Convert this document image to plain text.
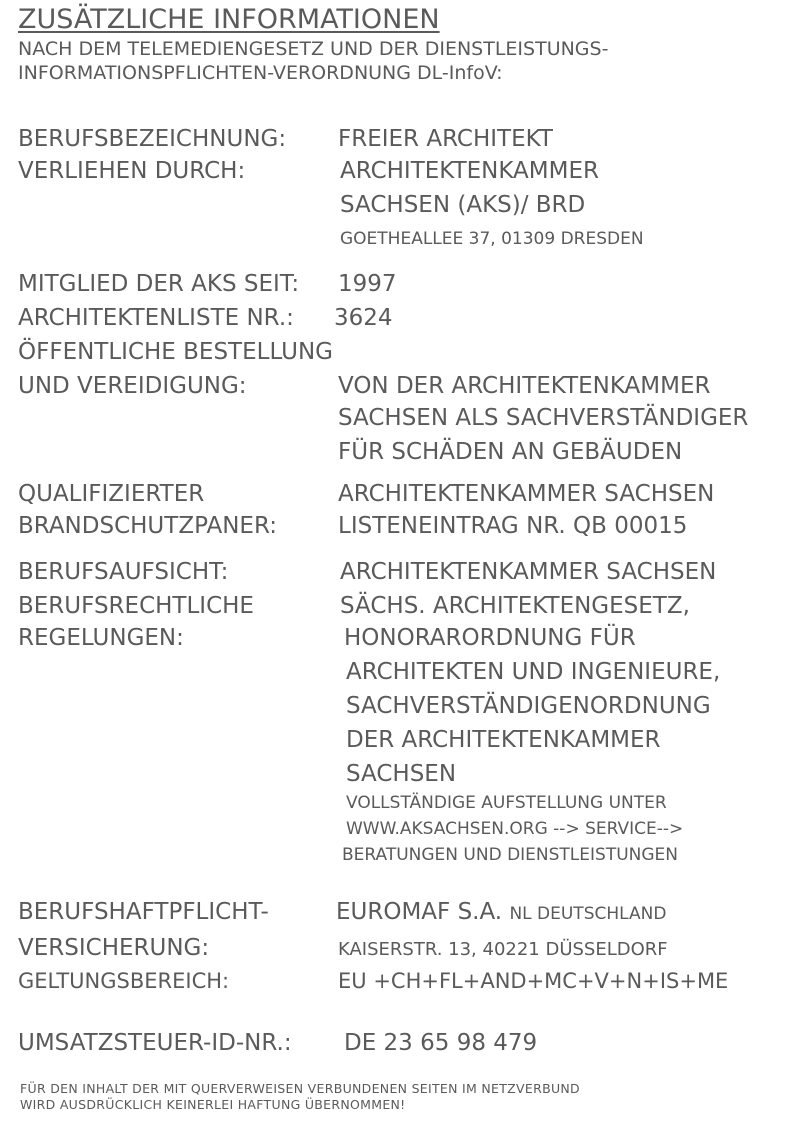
ZUSÄTZLICHE INFORMATIONEN
NACH DEM TELEMEDIENGESETZ UND DER DIENSTLEISTUNGS-
INFORMATIONSPFLICHTEN-VERORDNUNG DL-InfoV:
BERUFSBEZEICHNUNG: FREIER ARCHITEKT
VERLIEHEN DURCH:	ARCHITEKTENKAMMER
SACHSEN (AKS)/ BRD
GOETHEALLEE 37, 01309 DRESDEN
MITGLIED DER AKS SEIT: 1997
ARCHITEKTENLISTE NR.: 3624
ÖFFENTLICHE BESTELLUNG
UND VEREIDIGUNG:	VON DER ARCHITEKTENKAMMER
SACHSEN ALS SACHVERSTÄNDIGER
FÜR SCHÄDEN AN GEBÄUDEN
QUALIFIZIERTER	ARCHITEKTENKAMMER SACHSEN
BRANDSCHUTZPANER:	LISTENEINTRAG NR. QB 00015
BERUFSAUFSICHT:	ARCHITEKTENKAMMER SACHSEN
BERUFSRECHTLICHE	SÄCHS. ARCHITEKTENGESETZ,
REGELUNGEN:	HONORARORDNUNG FÜR
ARCHITEKTEN UND INGENIEURE,
SACHVERSTÄNDIGENORDNUNG
DER ARCHITEKTENKAMMER
SACHSEN
VOLLSTÄNDIGE AUFSTELLUNG UNTER
WWW.AKSACHSEN.ORG --> SERVICE-->
BERATUNGEN UND DIENSTLEISTUNGEN
BERUFSHAFTPFLICHT-	EUROMAF S.A. NL DEUTSCHLAND
VERSICHERUNG:	KAISERSTR. 13, 40221 DÜSSELDORF
GELTUNGSBEREICH:	EU +CH+FL+AND+MC+V+N+IS+ME
UMSATZSTEUER-ID-NR.: DE 23 65 98 479
FÜR DEN INHALT DER MIT QUERVERWEISEN VERBUNDENEN SEITEN IM NETZVERBUND
WIRD AUSDRÜCKLICH KEINERLEI HAFTUNG ÜBERNOMMEN!
